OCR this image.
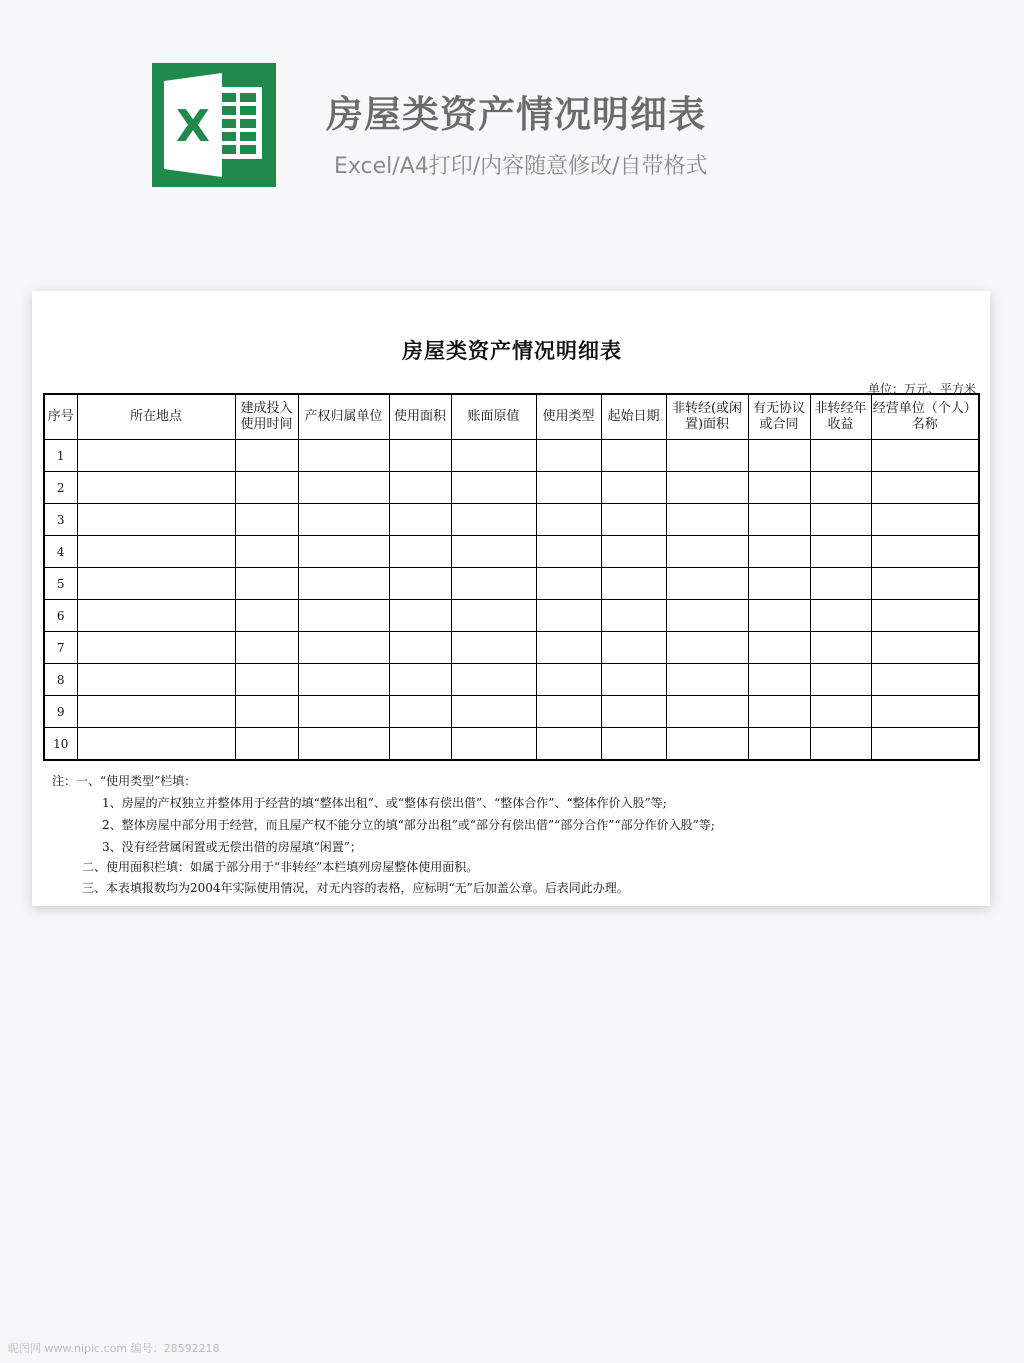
X	房屋类资产情况明细表
Excel/A4打印/内容随意修改/自带格式
房屋类资产情况明细表
单位：万元、平方米
序号	所在地点	建成投入使用时间	产权归属单位	使用面积	账面原值	使用类型	起始日期	非转经(或闲置)面积	有无协议或合同	非转经年收益	经营单位（个人）名称
1											
2											
3											
4											
5											
6											
7											
8											
9											
10											
注：一、“使用类型”栏填：
1、房屋的产权独立并整体用于经营的填“整体出租”、或“整体有偿出借”、“整体合作”、“整体作价入股”等;
2、整体房屋中部分用于经营，而且屋产权不能分立的填“部分出租”或“部分有偿出借”“部分合作”“部分作价入股”等;
3、没有经营属闲置或无偿出借的房屋填“闲置”；
二、使用面积栏填：如属于部分用于“非转经”本栏填列房屋整体使用面积。
三、本表填报数均为2004年实际使用情况，对无内容的表格，应标明“无”后加盖公章。后表同此办理。
昵图网 www.nipic.com 编号：28592218
